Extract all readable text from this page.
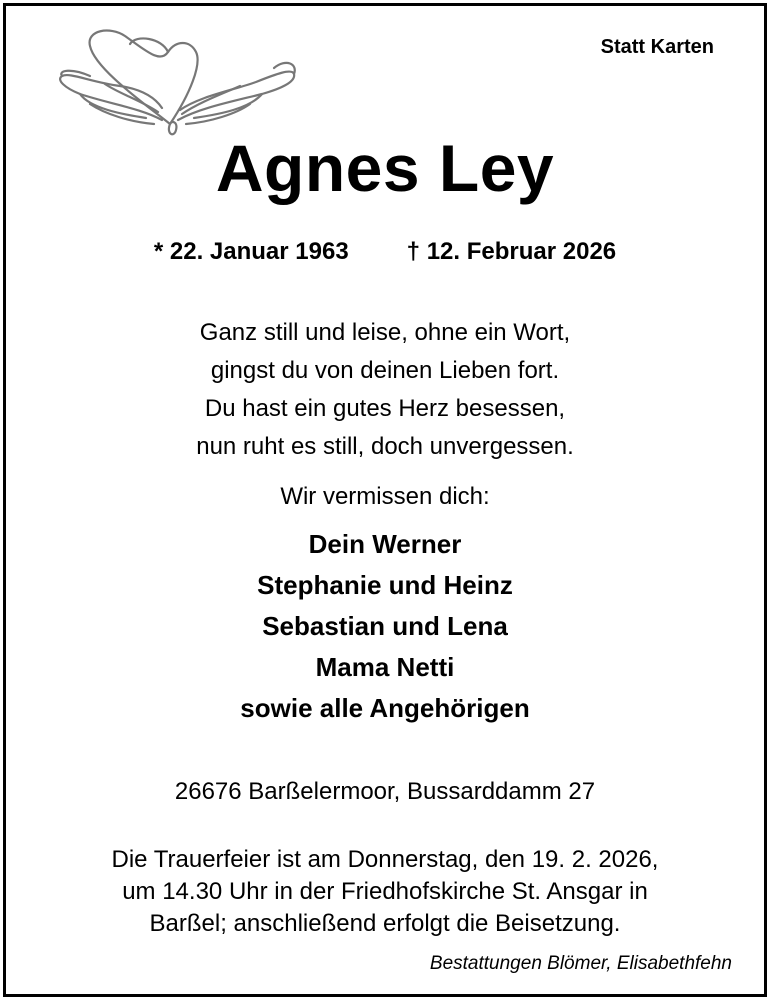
Statt Karten
Agnes Ley
* 22. Januar 1963 † 12. Februar 2026
Ganz still und leise, ohne ein Wort,
gingst du von deinen Lieben fort.
Du hast ein gutes Herz besessen,
nun ruht es still, doch unvergessen.
Wir vermissen dich:
Dein Werner
Stephanie und Heinz
Sebastian und Lena
Mama Netti
sowie alle Angehörigen
26676 Barßelermoor, Bussarddamm 27
Die Trauerfeier ist am Donnerstag, den 19. 2. 2026,
um 14.30 Uhr in der Friedhofskirche St. Ansgar in
Barßel; anschließend erfolgt die Beisetzung.
Bestattungen Blömer, Elisabethfehn
